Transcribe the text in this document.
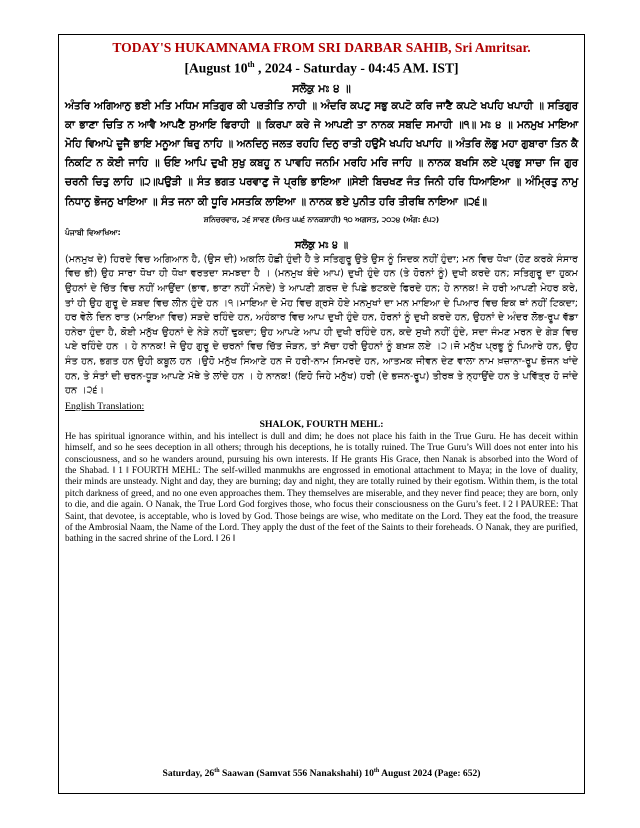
TODAY'S HUKAMNAMA FROM SRI DARBAR SAHIB, Sri Amritsar.
[August 10th , 2024 - Saturday - 04:45 AM. IST]
ਸਲੋਕੁ ਮਃ ੪ ॥

ਅੰਤਰਿ ਅਗਿਆਨੁ ਭਈ ਮਤਿ ਮਧਿਮ ਸਤਿਗੁਰ ਕੀ ਪਰਤੀਤਿ ਨਾਹੀ ॥ ਅੰਦਰਿ ਕਪਟੁ ਸਭੁ ਕਪਟੋ ਕਰਿ ਜਾਣੈ ਕਪਟੇ ਖਪਹਿ ਖਪਾਹੀ ॥ ਸਤਿਗੁਰ ਕਾ ਭਾਣਾ ਚਿਤਿ ਨ ਆਵੈ ਆਪਣੈ ਸੁਆਇ ਫਿਰਾਹੀ ॥ ਕਿਰਪਾ ਕਰੇ ਜੇ ਆਪਣੀ ਤਾ ਨਾਨਕ ਸਬਦਿ ਸਮਾਹੀ ॥੧॥ ਮਃ ੪ ॥ ਮਨਮੁਖ ਮਾਇਆ ਮੋਹਿ ਵਿਆਪੇ ਦੂਜੈ ਭਾਇ ਮਨੂਆ ਥਿਰੁ ਨਾਹਿ ॥ ਅਨਦਿਨੁ ਜਲਤ ਰਹਹਿ ਦਿਨੁ ਰਾਤੀ ਹਉਮੈ ਖਪਹਿ ਖਪਾਹਿ ॥ ਅੰਤਰਿ ਲੋਭੁ ਮਹਾ ਗੁਬਾਰਾ ਤਿਨ ਕੈ ਨਿਕਟਿ ਨ ਕੋਈ ਜਾਹਿ ॥ ਓਇ ਆਪਿ ਦੁਖੀ ਸੁਖੁ ਕਬਹੂ ਨ ਪਾਵਹਿ ਜਨਮਿ ਮਰਹਿ ਮਰਿ ਜਾਹਿ ॥ ਨਾਨਕ ਬਖਸਿ ਲਏ ਪ੍ਰਭੁ ਸਾਚਾ ਜਿ ਗੁਰ ਚਰਨੀ ਚਿਤੁ ਲਾਹਿ ॥੨॥ਪਉੜੀ ॥ ਸੰਤ ਭਗਤ ਪਰਵਾਣੁ ਜੋ ਪ੍ਰਭਿ ਭਾਇਆ ॥ਸੇਈ ਬਿਚਖਣ ਜੰਤ ਜਿਨੀ ਹਰਿ ਧਿਆਇਆ ॥ ਅੰਮ੍ਰਿਤੁ ਨਾਮੁ ਨਿਧਾਨੁ ਭੋਜਨੁ ਖਾਇਆ ॥ ਸੰਤ ਜਨਾ ਕੀ ਧੂਰਿ ਮਸਤਕਿ ਲਾਇਆ ॥ ਨਾਨਕ ਭਏ ਪੁਨੀਤ ਹਰਿ ਤੀਰਥਿ ਨਾਇਆ ॥੨੬॥

ਸ਼ਨਿਚਰਵਾਰ, ੨੬ ਸਾਵਣ (ਸੰਮਤ ੫੫੬ ਨਾਨਕਸ਼ਾਹੀ) ੧੦ ਅਗਸਤ, ੨੦੨੪ (ਅੰਗ: ੬੫੨)
ਪੰਜਾਬੀ ਵਿਆਖਿਆ:
ਸਲੋਕੁ ਮਃ ੪ ॥

(ਮਨਮੁਖ ਦੇ) ਹਿਰਦੇ ਵਿਚ ਅਗਿਆਨ ਹੈ, (ਉਸ ਦੀ) ਅਕਲਿ ਹੋਛੀ ਹੁੰਦੀ ਹੈ ਤੇ ਸਤਿਗੁਰੂ ਉਤੇ ਉਸ ਨੂੰ ਸਿਦਕ ਨਹੀਂ ਹੁੰਦਾ; ਮਨ ਵਿਚ ਧੋਖਾ (ਹੋਣ ਕਰਕੇ ਸੰਸਾਰ ਵਿਚ ਭੀ) ਉਹ ਸਾਰਾ ਧੋਖਾ ਹੀ ਧੋਖਾ ਵਰਤਦਾ ਸਮਝਦਾ ਹੈ । (ਮਨਮੁਖ ਬੰਦੇ ਆਪ) ਦੁਖੀ ਹੁੰਦੇ ਹਨ (ਤੇ ਹੋਰਨਾਂ ਨੂੰ) ਦੁਖੀ ਕਰਦੇ ਹਨ; ਸਤਿਗੁਰੂ ਦਾ ਹੁਕਮ ਉਹਨਾਂ ਦੇ ਚਿੱਤ ਵਿਚ ਨਹੀਂ ਆਉਂਦਾ (ਭਾਵ, ਭਾਣਾ ਨਹੀਂ ਮੰਨਦੇ) ਤੇ ਆਪਣੀ ਗ਼ਰਜ਼ ਦੇ ਪਿਛੇ ਭਟਕਦੇ ਫਿਰਦੇ ਹਨ; ਹੇ ਨਾਨਕ! ਜੇ ਹਰੀ ਆਪਣੀ ਮੇਹਰ ਕਰੇ, ਤਾਂ ਹੀ ਉਹ ਗੁਰੂ ਦੇ ਸ਼ਬਦ ਵਿਚ ਲੀਨ ਹੁੰਦੇ ਹਨ ।੧।ਮਾਇਆ ਦੇ ਮੋਹ ਵਿਚ ਗ੍ਰਸੇ ਹੋਏ ਮਨਮੁਖਾਂ ਦਾ ਮਨ ਮਾਇਆ ਦੇ ਪਿਆਰ ਵਿਚ ਇਕ ਥਾਂ ਨਹੀਂ ਟਿਕਦਾ; ਹਰ ਵੇਲੇ ਦਿਨ ਰਾਤ (ਮਾਇਆ ਵਿਚ) ਸੜਦੇ ਰਹਿੰਦੇ ਹਨ, ਅਹੰਕਾਰ ਵਿਚ ਆਪ ਦੁਖੀ ਹੁੰਦੇ ਹਨ, ਹੋਰਨਾਂ ਨੂੰ ਦੁਖੀ ਕਰਦੇ ਹਨ, ਉਹਨਾਂ ਦੇ ਅੰਦਰ ਲੋਭ-ਰੂਪ ਵੱਡਾ ਹਨੇਰਾ ਹੁੰਦਾ ਹੈ, ਕੋਈ ਮਨੁੱਖ ਉਹਨਾਂ ਦੇ ਨੇੜੇ ਨਹੀਂ ਢੁਕਦਾ; ਉਹ ਆਪਣੇ ਆਪ ਹੀ ਦੁਖੀ ਰਹਿੰਦੇ ਹਨ, ਕਦੇ ਸੁਖੀ ਨਹੀਂ ਹੁੰਦੇ, ਸਦਾ ਜੰਮਣ ਮਰਨ ਦੇ ਗੇੜ ਵਿਚ ਪਏ ਰਹਿੰਦੇ ਹਨ । ਹੇ ਨਾਨਕ! ਜੇ ਉਹ ਗੁਰੂ ਦੇ ਚਰਨਾਂ ਵਿਚ ਚਿੱਤ ਜੋੜਨ, ਤਾਂ ਸੱਚਾ ਹਰੀ ਉਹਨਾਂ ਨੂੰ ਬਖ਼ਸ਼ ਲਏ ।੨।ਜੋ ਮਨੁੱਖ ਪ੍ਰਭੂ ਨੂੰ ਪਿਆਰੇ ਹਨ, ਉਹ ਸੰਤ ਹਨ, ਭਗਤ ਹਨ ਉਹੀ ਕਬੂਲ ਹਨ ।ਉਹੋ ਮਨੁੱਖ ਸਿਆਣੇ ਹਨ ਜੋ ਹਰੀ-ਨਾਮ ਸਿਮਰਦੇ ਹਨ, ਆਤਮਕ ਜੀਵਨ ਦੇਣ ਵਾਲਾ ਨਾਮ ਖ਼ਜ਼ਾਨਾ-ਰੂਪ ਭੋਜਨ ਖਾਂਦੇ ਹਨ, ਤੇ ਸੰਤਾਂ ਦੀ ਚਰਨ-ਧੂੜ ਆਪਣੇ ਮੱਥੇ ਤੇ ਲਾਂਦੇ ਹਨ । ਹੇ ਨਾਨਕ! (ਇਹੋ ਜਿਹੇ ਮਨੁੱਖ) ਹਰੀ (ਦੇ ਭਜਨ-ਰੂਪ) ਤੀਰਥ ਤੇ ਨ੍ਹਾਉਂਦੇ ਹਨ ਤੇ ਪਵਿੱਤ੍ਰ ਹੋ ਜਾਂਦੇ ਹਨ ।੨੬।

English Translation:
SHALOK, FOURTH MEHL:

He has spiritual ignorance within, and his intellect is dull and dim; he does not place his faith in the True Guru. He has deceit within himself, and so he sees deception in all others; through his deceptions, he is totally ruined. The True Guru’s Will does not enter into his consciousness, and so he wanders around, pursuing his own interests. If He grants His Grace, then Nanak is absorbed into the Word of the Shabad. ‖ 1 ‖ FOURTH MEHL: The self-willed manmukhs are engrossed in emotional attachment to Maya; in the love of duality, their minds are unsteady. Night and day, they are burning; day and night, they are totally ruined by their egotism. Within them, is the total pitch darkness of greed, and no one even approaches them. They themselves are miserable, and they never find peace; they are born, only to die, and die again. O Nanak, the True Lord God forgives those, who focus their consciousness on the Guru’s feet. ‖ 2 ‖ PAUREE: That Saint, that devotee, is acceptable, who is loved by God. Those beings are wise, who meditate on the Lord. They eat the food, the treasure of the Ambrosial Naam, the Name of the Lord. They apply the dust of the feet of the Saints to their foreheads. O Nanak, they are purified, bathing in the sacred shrine of the Lord. ‖ 26 ‖

Saturday, 26th Saawan (Samvat 556 Nanakshahi) 10th August 2024 (Page: 652)
